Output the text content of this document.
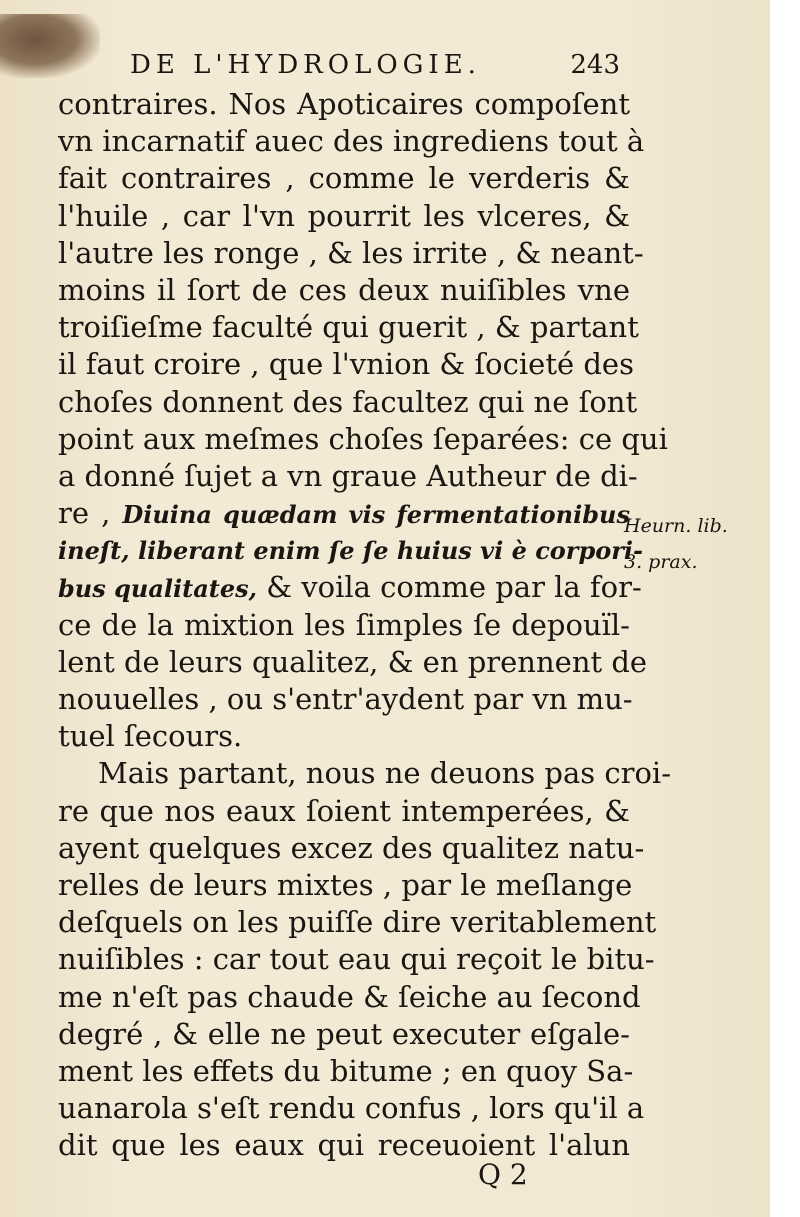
DE L'HYDROLOGIE.	243
contraires. Nos Apoticaires compoſent
vn incarnatif auec des ingrediens tout à
fait contraires , comme le verderis &
l'huile , car l'vn pourrit les vlceres, &
l'autre les ronge , & les irrite , & neant-
moins il ſort de ces deux nuiſibles vne
troiſieſme faculté qui guerit , & partant
il faut croire , que l'vnion & ſocieté des
choſes donnent des facultez qui ne ſont
point aux meſmes choſes ſeparées: ce qui
a donné ſujet a vn graue Autheur de di-
re , Diuina quædam vis fermentationibus
ineſt, liberant enim ſe ſe huius vi è corpori-
bus qualitates, & voila comme par la for-
ce de la mixtion les ſimples ſe depouïl-
lent de leurs qualitez, & en prennent de
nouuelles , ou s'entr'aydent par vn mu-
tuel ſecours.
Mais partant, nous ne deuons pas croi-
re que nos eaux ſoient intemperées, &
ayent quelques excez des qualitez natu-
relles de leurs mixtes , par le meſlange
deſquels on les puiſſe dire veritablement
nuiſibles : car tout eau qui reçoit le bitu-
me n'eſt pas chaude & ſeiche au ſecond
degré , & elle ne peut executer eſgale-
ment les effets du bitume ; en quoy Sa-
uanarola s'eſt rendu confus , lors qu'il a
dit que les eaux qui receuoient l'alun
Heurn. lib.
3. prax.
Q 2
